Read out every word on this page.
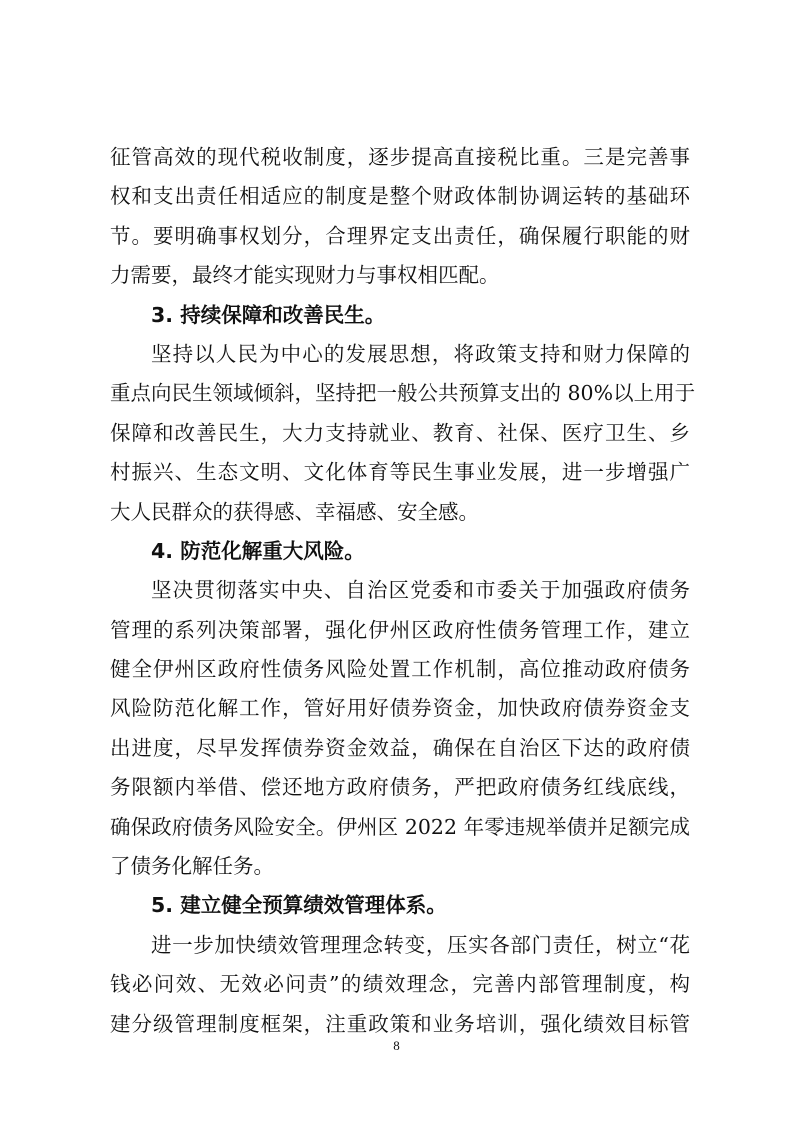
征管高效的现代税收制度，逐步提高直接税比重。三是完善事
权和支出责任相适应的制度是整个财政体制协调运转的基础环
节。要明确事权划分，合理界定支出责任，确保履行职能的财
力需要，最终才能实现财力与事权相匹配。
3. 持续保障和改善民生。
坚持以人民为中心的发展思想，将政策支持和财力保障的
重点向民生领域倾斜，坚持把一般公共预算支出的 80%以上用于
保障和改善民生，大力支持就业、教育、社保、医疗卫生、乡
村振兴、生态文明、文化体育等民生事业发展，进一步增强广
大人民群众的获得感、幸福感、安全感。
4. 防范化解重大风险。
坚决贯彻落实中央、自治区党委和市委关于加强政府债务
管理的系列决策部署，强化伊州区政府性债务管理工作，建立
健全伊州区政府性债务风险处置工作机制，高位推动政府债务
风险防范化解工作，管好用好债券资金，加快政府债券资金支
出进度，尽早发挥债券资金效益，确保在自治区下达的政府债
务限额内举借、偿还地方政府债务，严把政府债务红线底线，
确保政府债务风险安全。伊州区 2022 年零违规举债并足额完成
了债务化解任务。
5. 建立健全预算绩效管理体系。
进一步加快绩效管理理念转变，压实各部门责任，树立“花
钱必问效、无效必问责”的绩效理念，完善内部管理制度，构
建分级管理制度框架，注重政策和业务培训，强化绩效目标管
8
